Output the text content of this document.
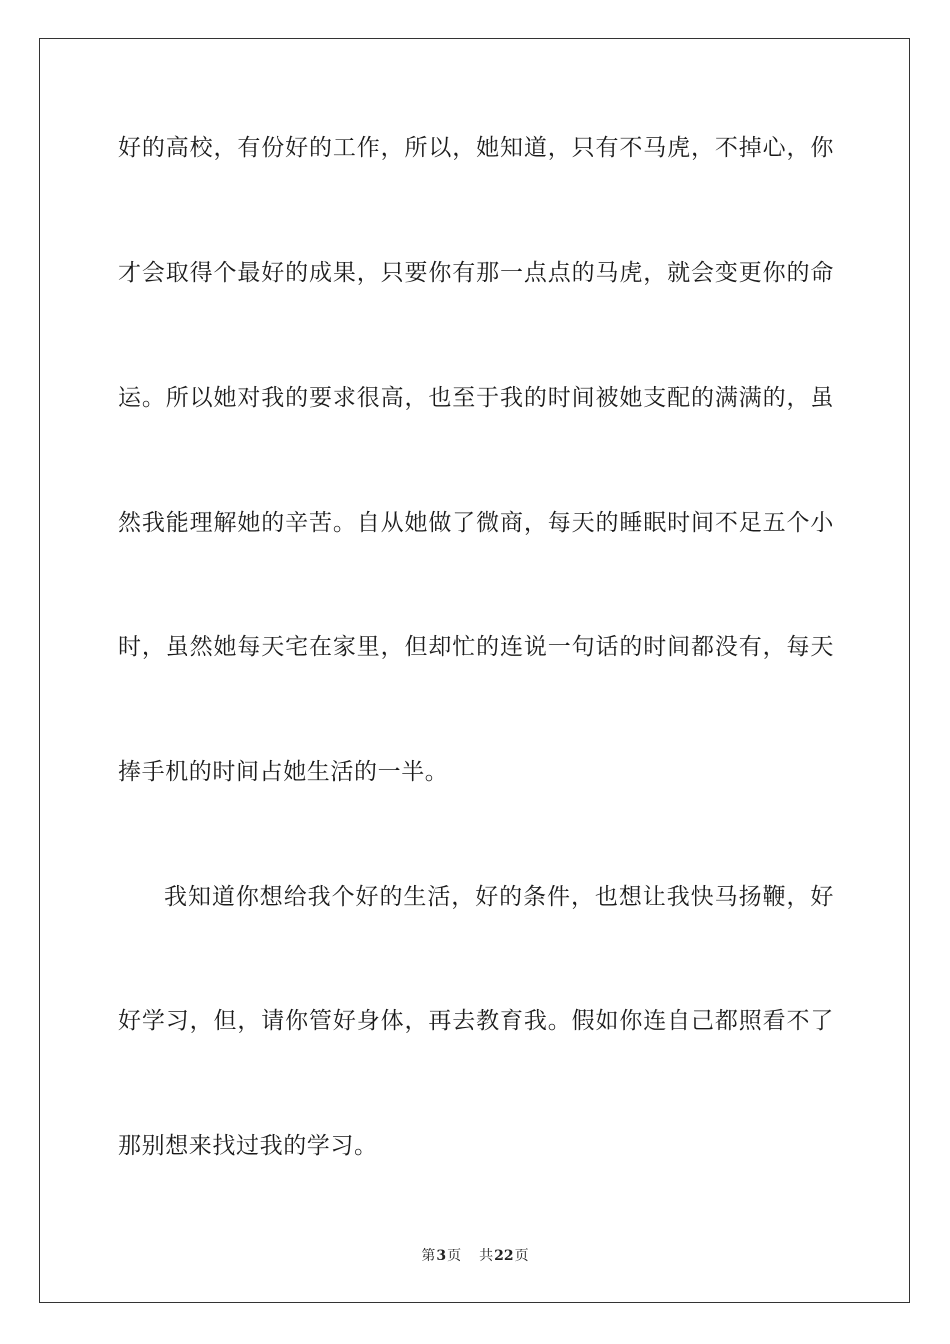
好的高校，有份好的工作，所以，她知道，只有不马虎，不掉心，你
才会取得个最好的成果，只要你有那一点点的马虎，就会变更你的命
运。所以她对我的要求很高，也至于我的时间被她支配的满满的，虽
然我能理解她的辛苦。自从她做了微商，每天的睡眠时间不足五个小
时，虽然她每天宅在家里，但却忙的连说一句话的时间都没有，每天
捧手机的时间占她生活的一半。
我知道你想给我个好的生活，好的条件，也想让我快马扬鞭，好
好学习，但，请你管好身体，再去教育我。假如你连自己都照看不了
那别想来找过我的学习。
第3页 共22页
